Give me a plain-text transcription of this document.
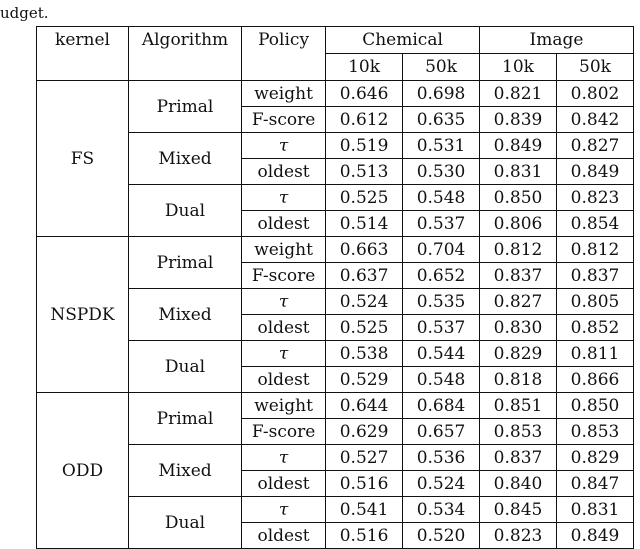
udget.
kernel	Algorithm	Policy	Chemical		Image	
			10k	50k	10k	50k
FS	Primal	weight	0.646	0.698	0.821	0.802
		F-score	0.612	0.635	0.839	0.842
	Mixed	τ	0.519	0.531	0.849	0.827
		oldest	0.513	0.530	0.831	0.849
	Dual	τ	0.525	0.548	0.850	0.823
		oldest	0.514	0.537	0.806	0.854
NSPDK	Primal	weight	0.663	0.704	0.812	0.812
		F-score	0.637	0.652	0.837	0.837
	Mixed	τ	0.524	0.535	0.827	0.805
		oldest	0.525	0.537	0.830	0.852
	Dual	τ	0.538	0.544	0.829	0.811
		oldest	0.529	0.548	0.818	0.866
ODD	Primal	weight	0.644	0.684	0.851	0.850
		F-score	0.629	0.657	0.853	0.853
	Mixed	τ	0.527	0.536	0.837	0.829
		oldest	0.516	0.524	0.840	0.847
	Dual	τ	0.541	0.534	0.845	0.831
		oldest	0.516	0.520	0.823	0.849
